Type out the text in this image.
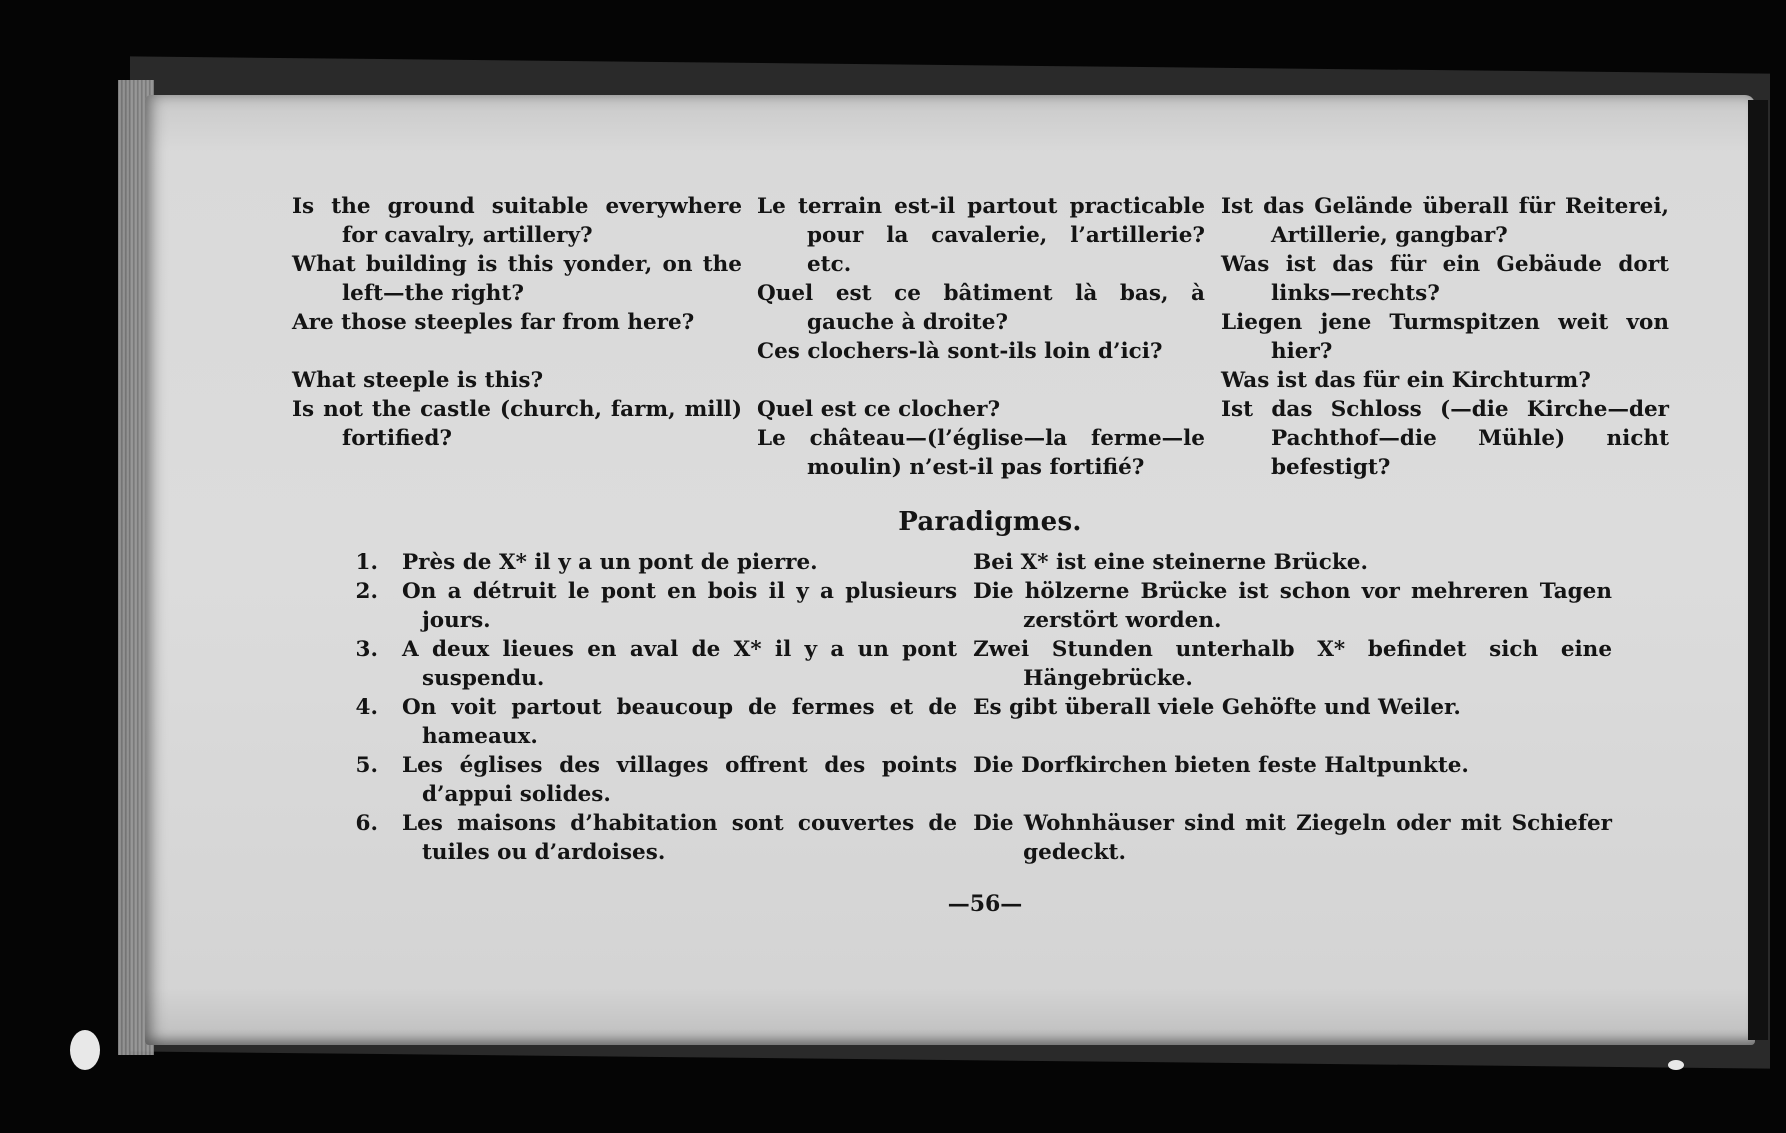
Is the ground suitable everywhere for cavalry, artillery?

What building is this yonder, on the left—the right?

Are those steeples far from here?

What steeple is this?

Is not the castle (church, farm, mill) fortified?

Le terrain est-il partout practicable pour la cavalerie, l’artillerie? etc.

Quel est ce bâtiment là bas, à gauche à droite?

Ces clochers-là sont-ils loin d’ici?

Quel est ce clocher?

Le château—(l’église—la ferme—le moulin) n’est-il pas fortifié?

Ist das Gelände überall für Reiterei, Artillerie, gangbar?

Was ist das für ein Gebäude dort links—rechts?

Liegen jene Turmspitzen weit von hier?

Was ist das für ein Kirchturm?

Ist das Schloss (—die Kirche—der Pachthof—die Mühle) nicht befestigt?

Paradigmes.
1. Près de X* il y a un pont de pierre.	Bei X* ist eine steinerne Brücke.
2. On a détruit le pont en bois il y a plusieurs jours.
Die hölzerne Brücke ist schon vor mehreren Tagen zerstört worden.
3. A deux lieues en aval de X* il y a un pont suspendu.
Zwei Stunden unterhalb X* befindet sich eine Hängebrücke.
4. On voit partout beaucoup de fermes et de hameaux.
Es gibt überall viele Gehöfte und Weiler.
5. Les églises des villages offrent des points d’appui solides.
Die Dorfkirchen bieten feste Haltpunkte.
6. Les maisons d’habitation sont couvertes de tuiles ou d’ardoises.
Die Wohnhäuser sind mit Ziegeln oder mit Schiefer gedeckt.
—56—
